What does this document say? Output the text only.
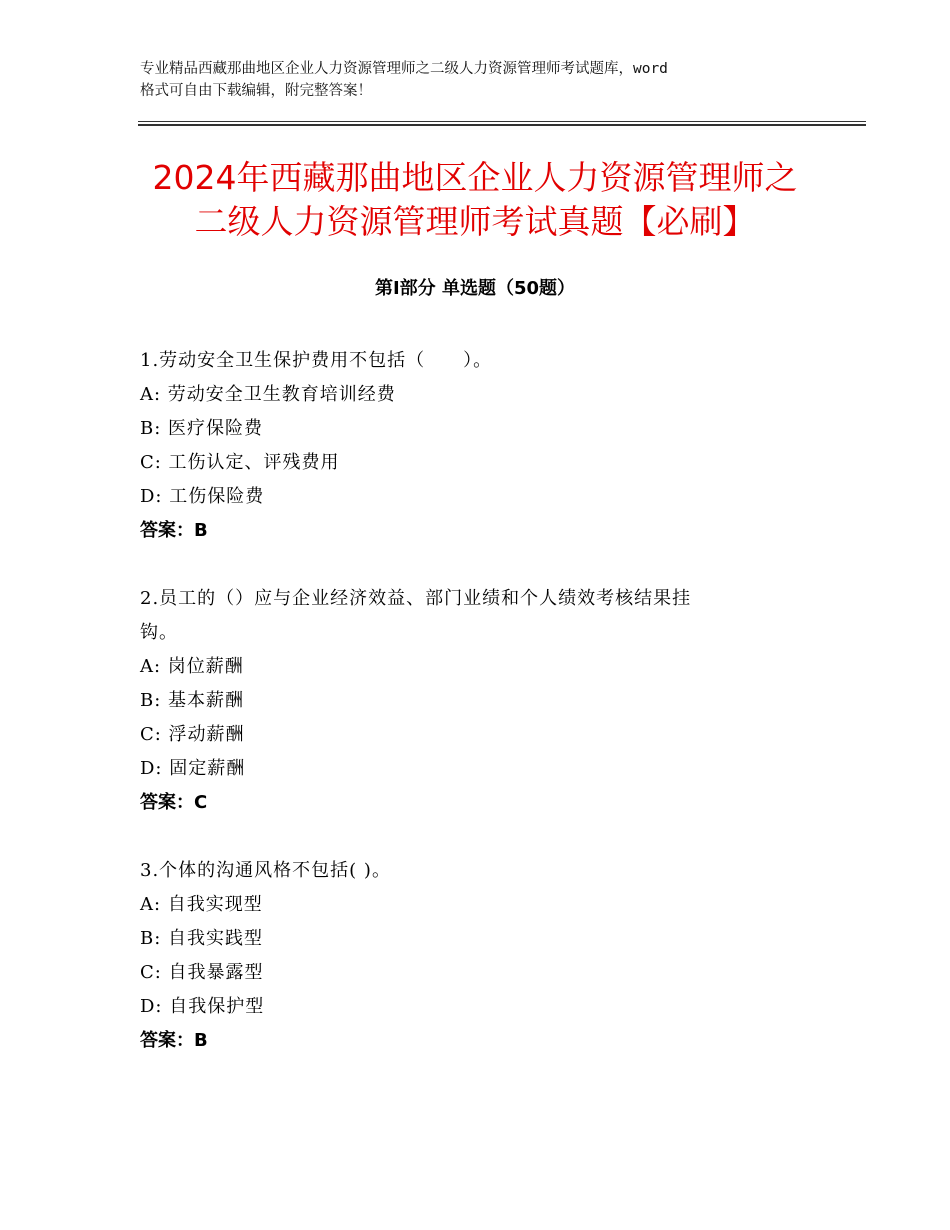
专业精品西藏那曲地区企业人力资源管理师之二级人力资源管理师考试题库，word
格式可自由下载编辑，附完整答案！
2024年西藏那曲地区企业人力资源管理师之
二级人力资源管理师考试真题【必刷】
第Ⅰ部分 单选题（50题）
1.劳动安全卫生保护费用不包括（　　）。
A: 劳动安全卫生教育培训经费
B: 医疗保险费
C: 工伤认定、评残费用
D: 工伤保险费
答案：B
2.员工的（）应与企业经济效益、部门业绩和个人绩效考核结果挂
钩。
A: 岗位薪酬
B: 基本薪酬
C: 浮动薪酬
D: 固定薪酬
答案：C
3.个体的沟通风格不包括( )。
A: 自我实现型
B: 自我实践型
C: 自我暴露型
D: 自我保护型
答案：B
